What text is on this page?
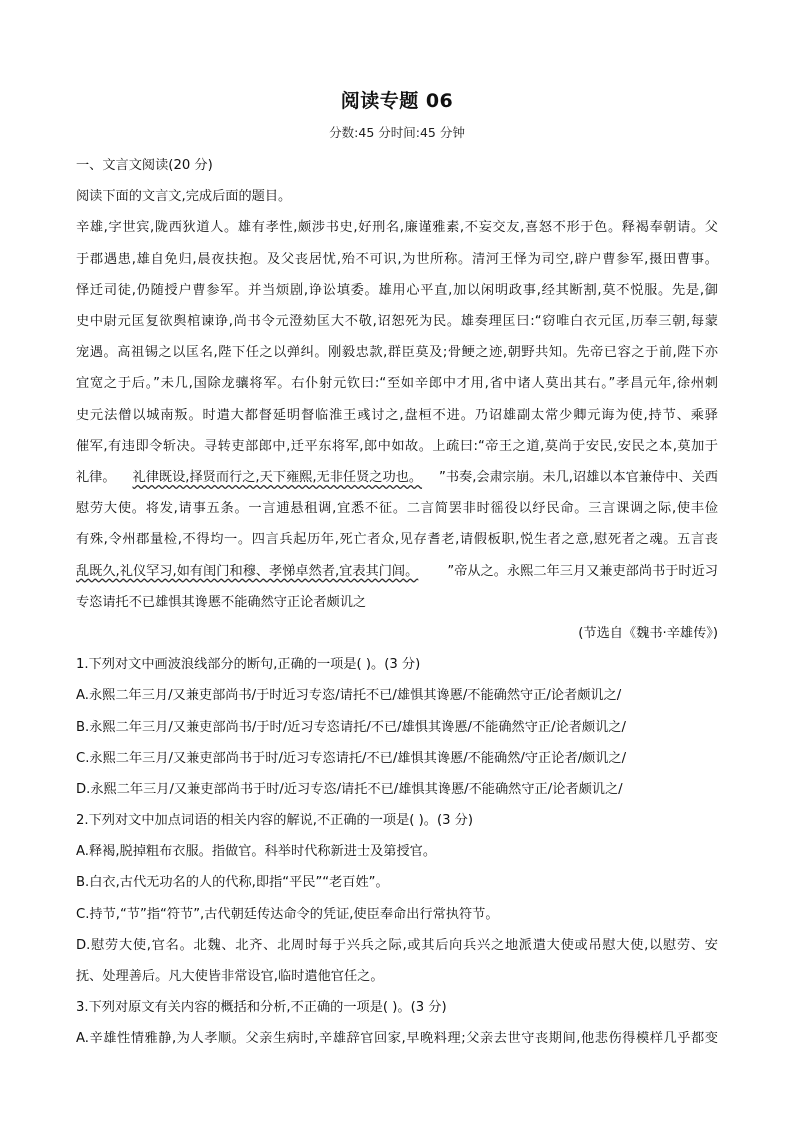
阅读专题 06
分数:45 分时间:45 分钟
一、文言文阅读(20 分)
阅读下面的文言文,完成后面的题目。
辛雄,字世宾,陇西狄道人。雄有孝性,颇涉书史,好刑名,廉谨雅素,不妄交友,喜怒不形于色。释褐奉朝请。父
于郡遇患,雄自免归,晨夜扶抱。及父丧居忧,殆不可识,为世所称。清河王怿为司空,辟户曹参军,摄田曹事。
怿迁司徒,仍随授户曹参军。并当烦剧,诤讼填委。雄用心平直,加以闲明政事,经其断割,莫不悦服。先是,御
史中尉元匡复欲舆棺谏诤,尚书令元澄劾匡大不敬,诏恕死为民。雄奏理匡曰:“窃唯白衣元匡,历奉三朝,每蒙
宠遇。高祖锡之以匡名,陛下任之以弹纠。刚毅忠款,群臣莫及;骨鲠之迹,朝野共知。先帝已容之于前,陛下亦
宜宽之于后。”未几,国除龙骧将军。右仆射元钦曰:“至如辛郎中才用,省中诸人莫出其右。”孝昌元年,徐州刺
史元法僧以城南叛。时遣大都督延明督临淮王彧讨之,盘桓不进。乃诏雄副太常少卿元诲为使,持节、乘驿
催军,有违即令斩决。寻转吏部郎中,迁平东将军,郎中如故。上疏曰:“帝王之道,莫尚于安民,安民之本,莫加于
礼律。 礼律既设,择贤而行之,天下雍熙,无非任贤之功也。 ”书奏,会肃宗崩。未几,诏雄以本官兼侍中、关西
慰劳大使。将发,请事五条。一言逋悬租调,宜悉不征。二言简罢非时徭役以纾民命。三言课调之际,使丰俭
有殊,令州郡量检,不得均一。四言兵起历年,死亡者众,见存耆老,请假板职,悦生者之意,慰死者之魂。五言丧
乱既久,礼仪罕习,如有闺门和穆、孝悌卓然者,宜表其门闾。 ”帝从之。永熙二年三月又兼吏部尚书于时近习
专恣请托不已雄惧其谗慝不能确然守正论者颇讥之
(节选自《魏书·辛雄传》)
1.下列对文中画波浪线部分的断句,正确的一项是( )。(3 分)
A.永熙二年三月/又兼吏部尚书/于时近习专恣/请托不已/雄惧其谗慝/不能确然守正/论者颇讥之/
B.永熙二年三月/又兼吏部尚书/于时/近习专恣请托/不已/雄惧其谗慝/不能确然守正/论者颇讥之/
C.永熙二年三月/又兼吏部尚书于时/近习专恣请托/不已/雄惧其谗慝/不能确然/守正论者/颇讥之/
D.永熙二年三月/又兼吏部尚书于时/近习专恣/请托不已/雄惧其谗慝/不能确然守正/论者颇讥之/
2.下列对文中加点词语的相关内容的解说,不正确的一项是( )。(3 分)
A.释褐,脱掉粗布衣服。指做官。科举时代称新进士及第授官。
B.白衣,古代无功名的人的代称,即指“平民”“老百姓”。
C.持节,“节”指“符节”,古代朝廷传达命令的凭证,使臣奉命出行常执符节。
D.慰劳大使,官名。北魏、北齐、北周时每于兴兵之际,或其后向兵兴之地派遣大使或吊慰大使,以慰劳、安
抚、处理善后。凡大使皆非常设官,临时遣他官任之。
3.下列对原文有关内容的概括和分析,不正确的一项是( )。(3 分)
A.辛雄性情雅静,为人孝顺。父亲生病时,辛雄辞官回家,早晚料理;父亲去世守丧期间,他悲伤得模样几乎都变
